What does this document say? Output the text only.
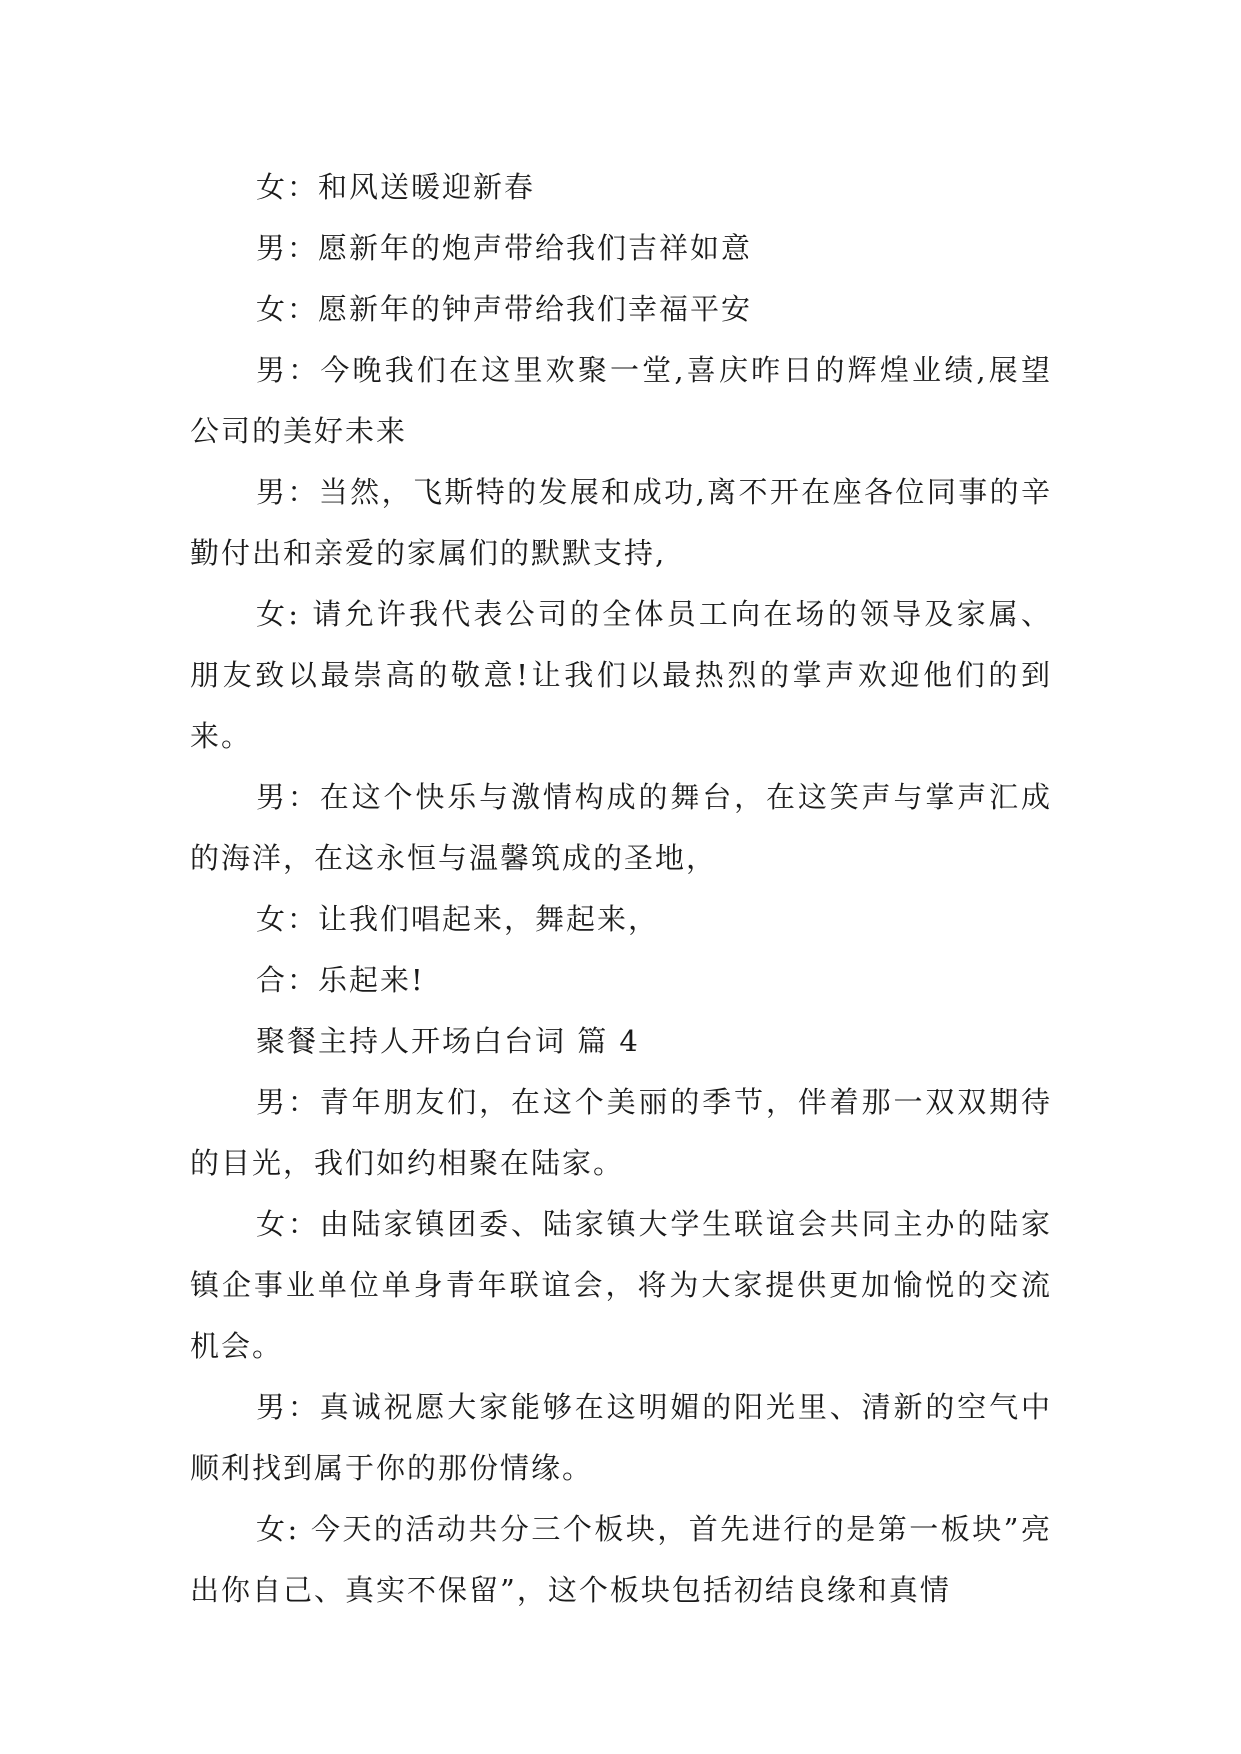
女：和风送暖迎新春

男：愿新年的炮声带给我们吉祥如意

女：愿新年的钟声带给我们幸福平安

男：今晚我们在这里欢聚一堂,喜庆昨日的辉煌业绩,展望公司的美好未来

男：当然，飞斯特的发展和成功,离不开在座各位同事的辛勤付出和亲爱的家属们的默默支持,

女: 请允许我代表公司的全体员工向在场的领导及家属、朋友致以最崇高的敬意!让我们以最热烈的掌声欢迎他们的到来。

男：在这个快乐与激情构成的舞台，在这笑声与掌声汇成的海洋，在这永恒与温馨筑成的圣地，

女：让我们唱起来，舞起来，

合：乐起来!

聚餐主持人开场白台词 篇 4

男：青年朋友们，在这个美丽的季节，伴着那一双双期待的目光，我们如约相聚在陆家。

女：由陆家镇团委、陆家镇大学生联谊会共同主办的陆家镇企事业单位单身青年联谊会，将为大家提供更加愉悦的交流机会。

男：真诚祝愿大家能够在这明媚的阳光里、清新的空气中顺利找到属于你的那份情缘。

女: 今天的活动共分三个板块，首先进行的是第一板块”亮出你自己、真实不保留”，这个板块包括初结良缘和真情
